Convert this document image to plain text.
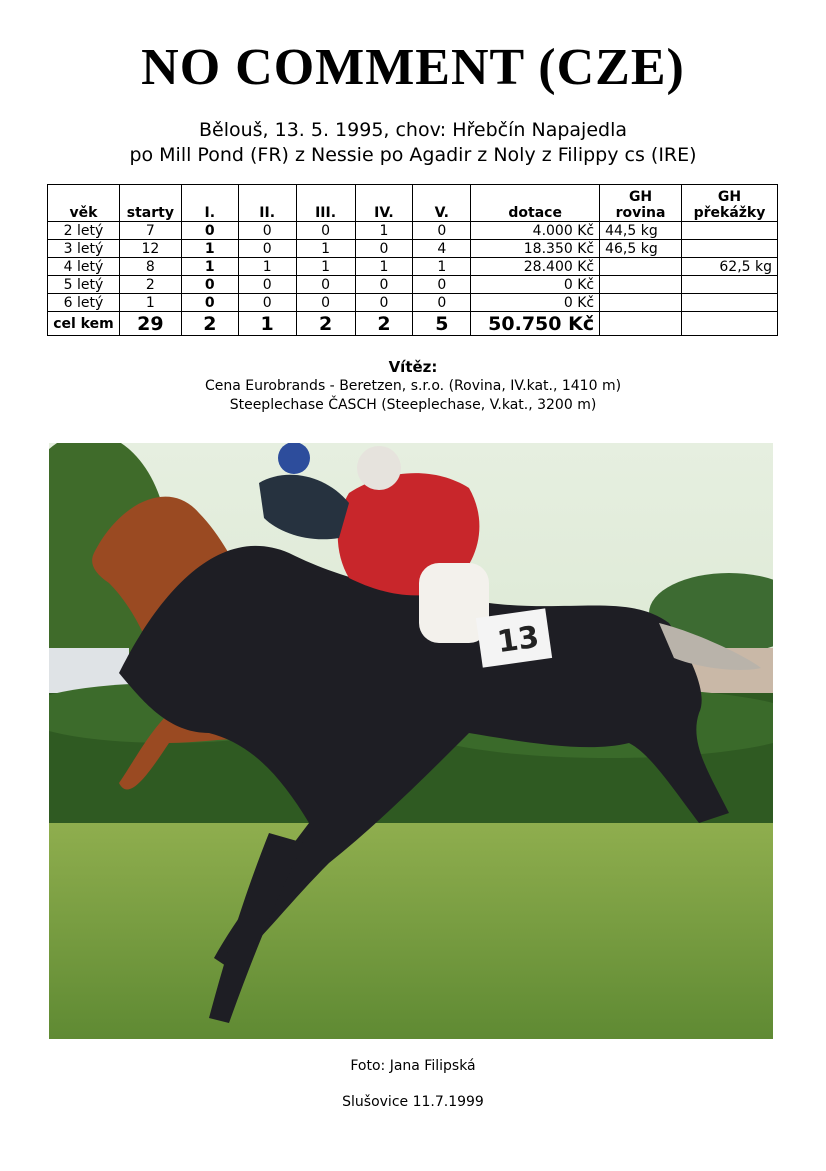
NO COMMENT (CZE)
Bělouš, 13. 5. 1995, chov: Hřebčín Napajedla
po Mill Pond (FR) z Nessie po Agadir z Noly z Filippy cs (IRE)
věk	starty	I.	II.	III.	IV.	V.	dotace	GH rovina	GH překážky
2 letý	7	0	0	0	1	0	4.000 Kč	44,5 kg	
3 letý	12	1	0	1	0	4	18.350 Kč	46,5 kg	
4 letý	8	1	1	1	1	1	28.400 Kč		62,5 kg
5 letý	2	0	0	0	0	0	0 Kč		
6 letý	1	0	0	0	0	0	0 Kč		
cel kem	29	2	1	2	2	5	50.750 Kč		
Vítěz:
Cena Eurobrands - Beretzen, s.r.o. (Rovina, IV.kat., 1410 m)
Steeplechase ČASCH (Steeplechase, V.kat., 3200 m)
13
Foto: Jana Filipská
Slušovice 11.7.1999
